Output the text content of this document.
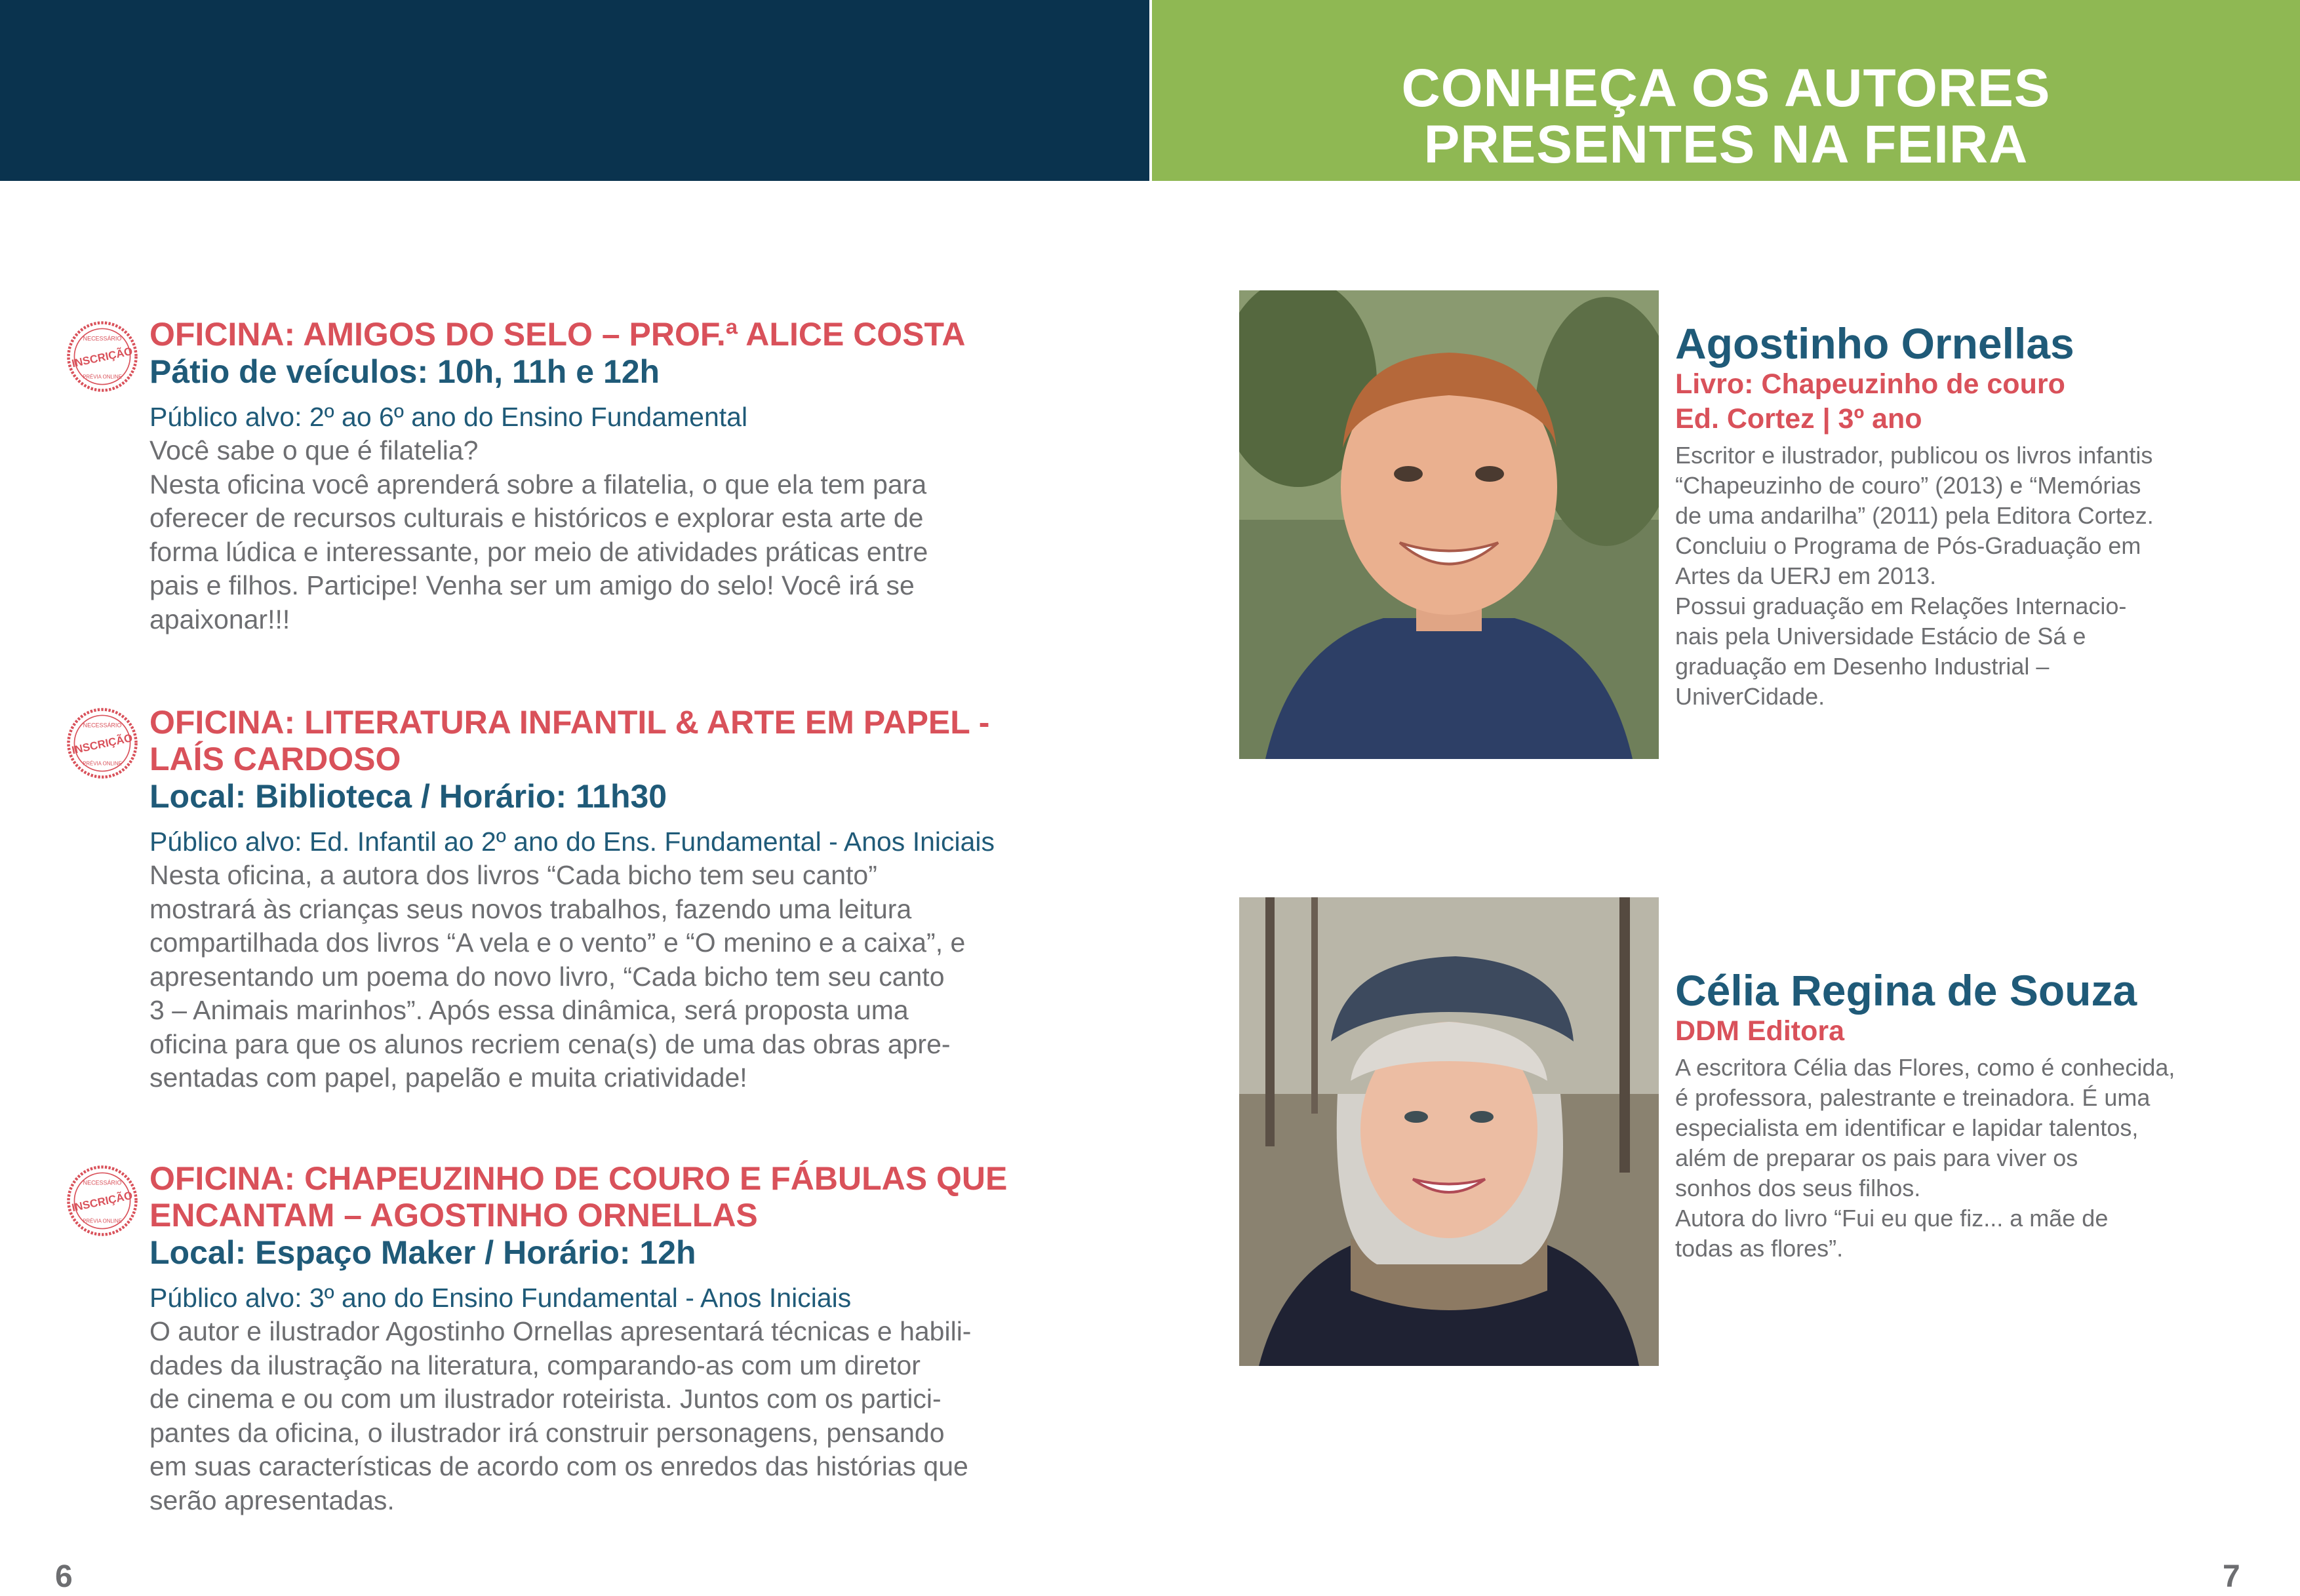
CONHEÇA OS AUTORES
PRESENTES NA FEIRA
NECESSÁRIO
INSCRIÇÃO
PRÉVIA ONLINE
NECESSÁRIO
INSCRIÇÃO
PRÉVIA ONLINE
NECESSÁRIO
INSCRIÇÃO
PRÉVIA ONLINE
OFICINA: AMIGOS DO SELO – PROF.ª ALICE COSTA

Pátio de veículos: 10h, 11h e 12h

Público alvo: 2º ao 6º ano do Ensino Fundamental

Você sabe o que é filatelia?
Nesta oficina você aprenderá sobre a filatelia, o que ela tem para
oferecer de recursos culturais e históricos e explorar esta arte de
forma lúdica e interessante, por meio de atividades práticas entre
pais e filhos. Participe! Venha ser um amigo do selo! Você irá se
apaixonar!!!
OFICINA: LITERATURA INFANTIL & ARTE EM PAPEL -
LAÍS CARDOSO

Local: Biblioteca / Horário: 11h30

Público alvo: Ed. Infantil ao 2º ano do Ens. Fundamental - Anos Iniciais

Nesta oficina, a autora dos livros “Cada bicho tem seu canto”
mostrará às crianças seus novos trabalhos, fazendo uma leitura
compartilhada dos livros “A vela e o vento” e “O menino e a caixa”, e
apresentando um poema do novo livro, “Cada bicho tem seu canto
3 – Animais marinhos”. Após essa dinâmica, será proposta uma
oficina para que os alunos recriem cena(s) de uma das obras apre-
sentadas com papel, papelão e muita criatividade!
OFICINA: CHAPEUZINHO DE COURO E FÁBULAS QUE
ENCANTAM – AGOSTINHO ORNELLAS

Local: Espaço Maker / Horário: 12h

Público alvo: 3º ano do Ensino Fundamental - Anos Iniciais

O autor e ilustrador Agostinho Ornellas apresentará técnicas e habili-
dades da ilustração na literatura, comparando-as com um diretor
de cinema e ou com um ilustrador roteirista. Juntos com os partici-
pantes da oficina, o ilustrador irá construir personagens, pensando
em suas características de acordo com os enredos das histórias que
serão apresentadas.
Agostinho Ornellas

Livro: Chapeuzinho de couro

Ed. Cortez | 3º ano

Escritor e ilustrador, publicou os livros infantis
“Chapeuzinho de couro” (2013) e “Memórias
de uma andarilha” (2011) pela Editora Cortez.
Concluiu o Programa de Pós-Graduação em
Artes da UERJ em 2013.
Possui graduação em Relações Internacio-
nais pela Universidade Estácio de Sá e
graduação em Desenho Industrial –
UniverCidade.
Célia Regina de Souza

DDM Editora

A escritora Célia das Flores, como é conhecida,
é professora, palestrante e treinadora. É uma
especialista em identificar e lapidar talentos,
além de preparar os pais para viver os
sonhos dos seus filhos.
Autora do livro “Fui eu que fiz... a mãe de
todas as flores”.
6	7
